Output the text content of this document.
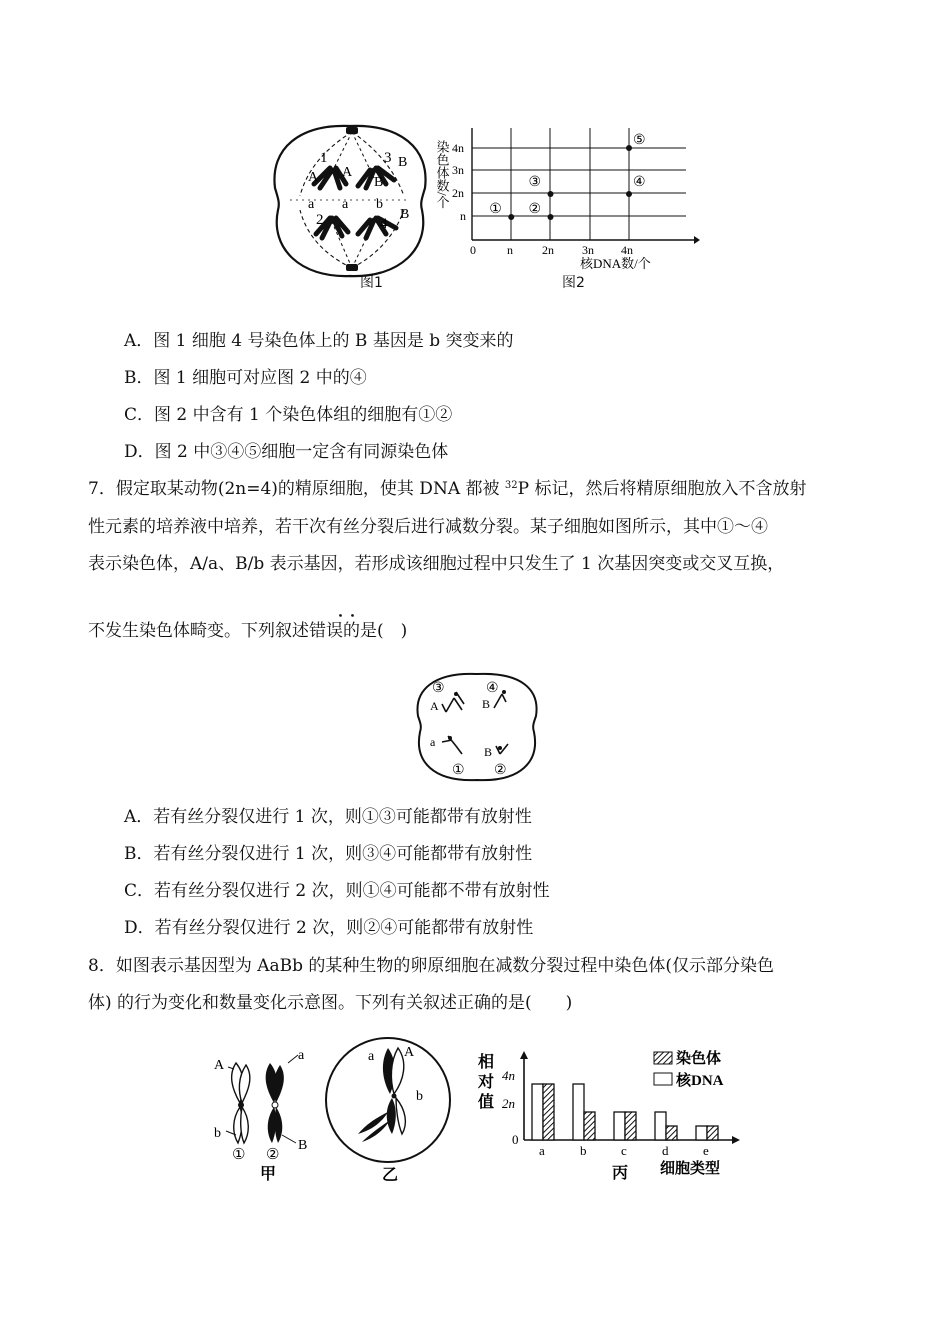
1
A A
3 B
B
a a
2
b
4
B
图1
染色体数/个 4n
3n
2n
n
0	n 2n 3n 4n
核DNA数/个
① ②
③	④
⑤
图2
A．图 1 细胞 4 号染色体上的 B 基因是 b 突变来的
B．图 1 细胞可对应图 2 中的④
C．图 2 中含有 1 个染色体组的细胞有①②
D．图 2 中③④⑤细胞一定含有同源染色体
7．假定取某动物(2n=4)的精原细胞，使其 DNA 都被 $^{32}$P 标记，然后将精原细胞放入不含放射
性元素的培养液中培养，若干次有丝分裂后进行减数分裂。某子细胞如图所示，其中①～④
表示染色体，A/a、B/b 表示基因，若形成该细胞过程中只发生了 1 次基因突变或交叉互换，
．．
不发生染色体畸变。下列叙述错误的是(　)
③	④
A	B
a
B
① ②
A．若有丝分裂仅进行 1 次，则①③可能都带有放射性
B．若有丝分裂仅进行 1 次，则③④可能都带有放射性
C．若有丝分裂仅进行 2 次，则①④可能都不带有放射性
D．若有丝分裂仅进行 2 次，则②④可能都带有放射性
8．如图表示基因型为 AaBb 的某种生物的卵原细胞在减数分裂过程中染色体(仅示部分染色
体) 的行为变化和数量变化示意图。下列有关叙述正确的是(　　)
A
a
b
B
① ②
甲
a A
b
乙
相
对
值
4n
2n
0
a	b	c	d	e
染色体
核DNA
丙 细胞类型
